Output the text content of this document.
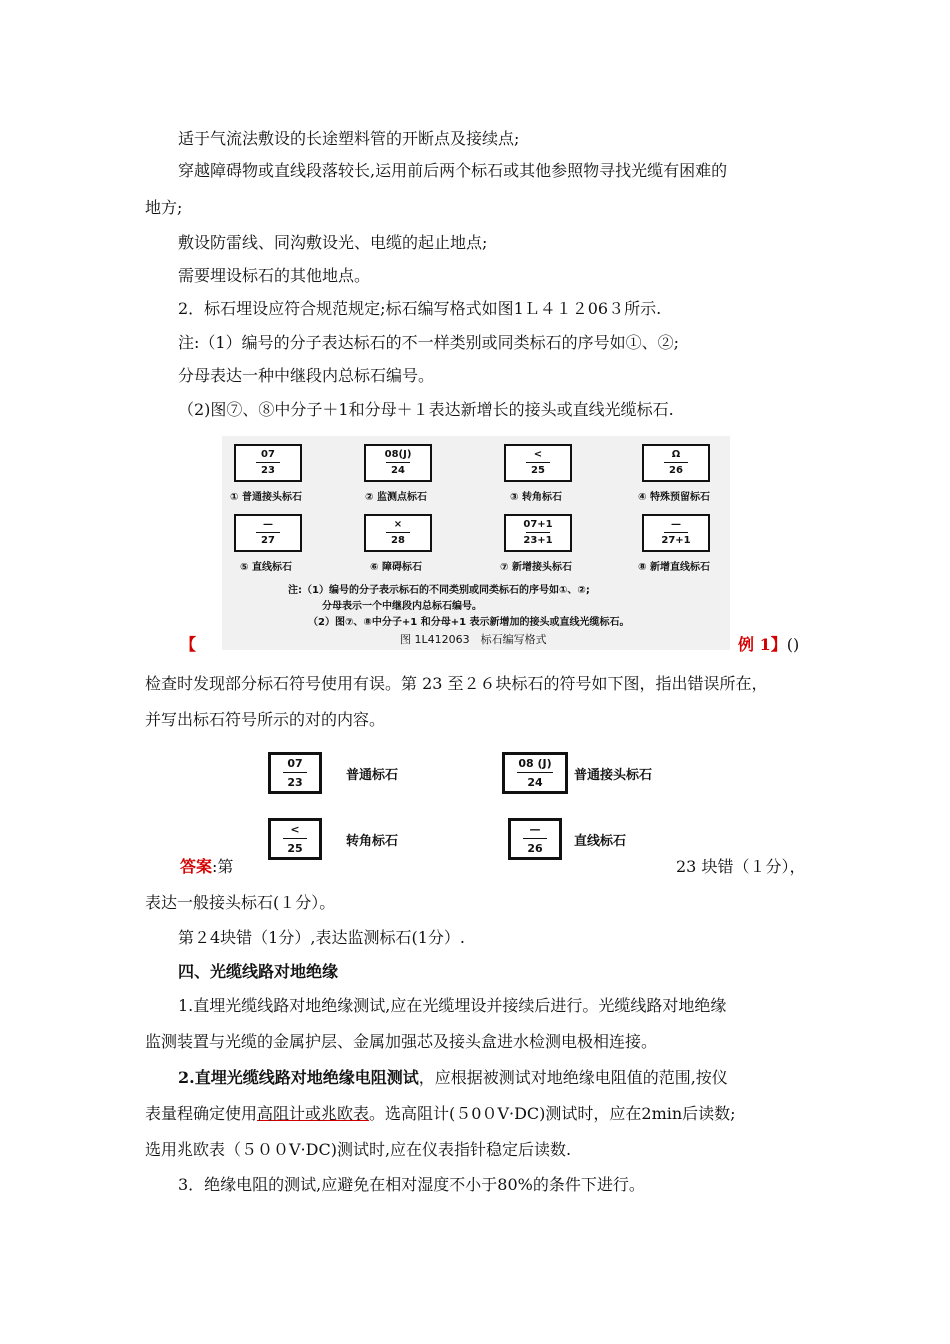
适于气流法敷设的长途塑料管的开断点及接续点;
穿越障碍物或直线段落较长,运用前后两个标石或其他参照物寻找光缆有困难的
地方;
敷设防雷线、同沟敷设光、电缆的起止地点;
需要埋设标石的其他地点。
2．标石埋设应符合规范规定;标石编写格式如图1Ｌ４１２06３所示.
注:（1）编号的分子表达标石的不一样类别或同类标石的序号如①、②;
分母表达一种中继段内总标石编号。
（2)图⑦、⑧中分子＋1和分母＋１表达新增长的接头或直线光缆标石.
07
23
① 普通接头标石
08(J)
24
② 监测点标石
<
25
③ 转角标石
Ω
26
④ 特殊预留标石
—
27
⑤ 直线标石
×
28
⑥ 障碍标石
07+1
23+1
⑦ 新增接头标石
—
27+1
⑧ 新增直线标石
注:（1）编号的分子表示标石的不同类别或同类标石的序号如①、②;
分母表示一个中继段内总标石编号。
（2）图⑦、⑧中分子+1 和分母+1 表示新增加的接头或直线光缆标石。
图 1L412063　标石编写格式
【	例 1】()
检查时发现部分标石符号使用有误。第 23 至２６块标石的符号如下图，指出错误所在，
并写出标石符号所示的对的内容。
07
23	普通标石
08 (J)
24	普通接头标石
<
25	转角标石
—
26	直线标石
答案:第	23 块错（１分），
表达一般接头标石(１分）。
第２4块错（1分）,表达监测标石(1分）.
四、光缆线路对地绝缘
1.直埋光缆线路对地绝缘测试,应在光缆埋设并接续后进行。光缆线路对地绝缘
监测装置与光缆的金属护层、金属加强芯及接头盒进水检测电极相连接。
2.直埋光缆线路对地绝缘电阻测试，应根据被测试对地绝缘电阻值的范围,按仪
表量程确定使用高阻计或兆欧表。选高阻计(５0０V·DC)测试时，应在2min后读数;
选用兆欧表（５００V·DC)测试时,应在仪表指针稳定后读数.
3．绝缘电阻的测试,应避免在相对湿度不小于80%的条件下进行。
